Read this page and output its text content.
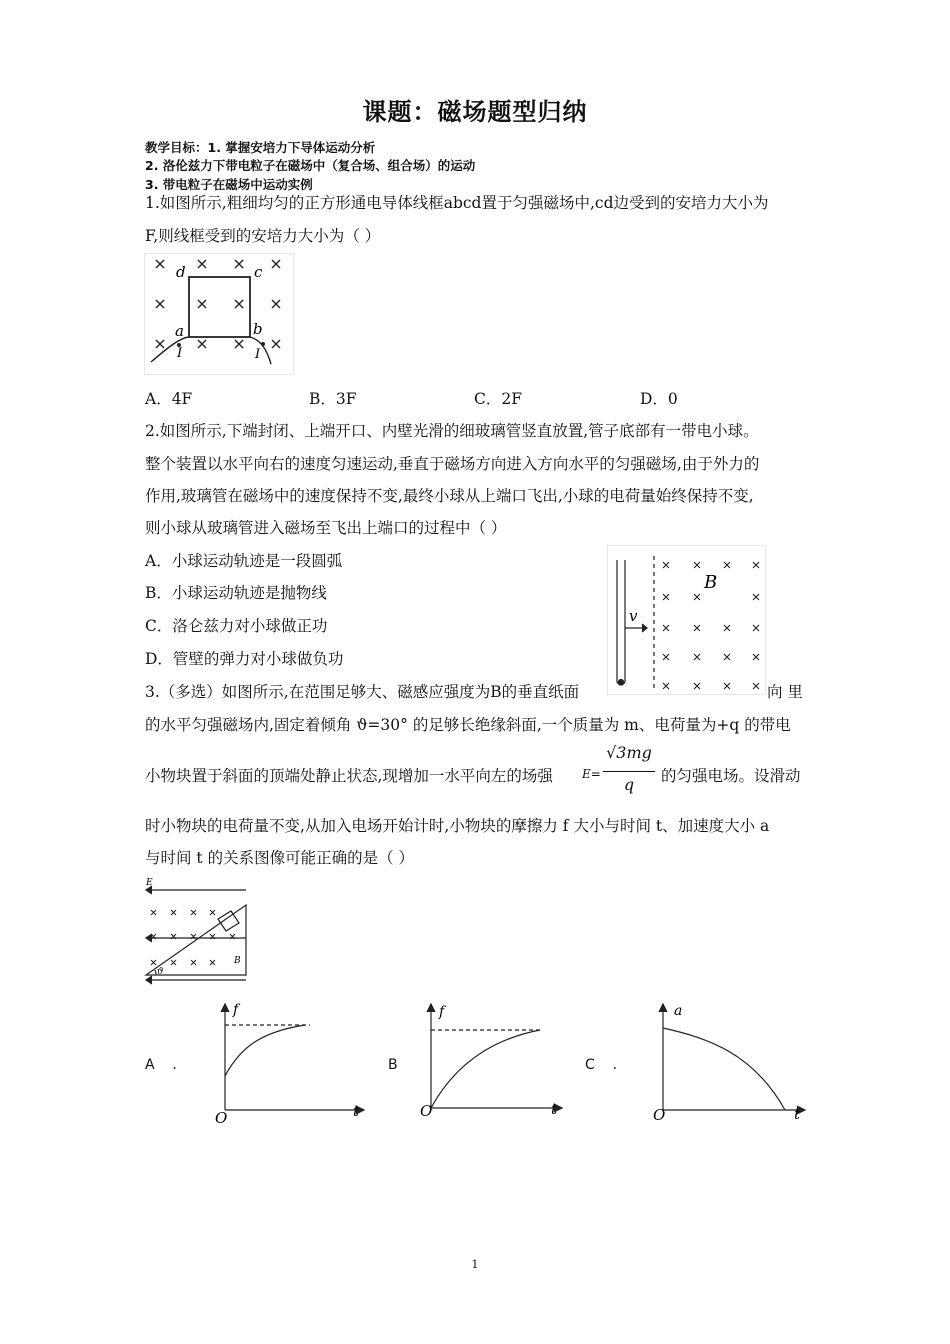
课题：磁场题型归纳
教学目标：1. 掌握安培力下导体运动分析
2. 洛伦兹力下带电粒子在磁场中（复合场、组合场）的运动
3. 带电粒子在磁场中运动实例
1.如图所示,粗细均匀的正方形通电导体线框abcd置于匀强磁场中,cd边受到的安培力大小为
F,则线框受到的安培力大小为（ ）
d	c
a	b
I	I
A．4F	B．3F	C．2F	D．0
2.如图所示,下端封闭、上端开口、内壁光滑的细玻璃管竖直放置,管子底部有一带电小球。
整个装置以水平向右的速度匀速运动,垂直于磁场方向进入方向水平的匀强磁场,由于外力的
作用,玻璃管在磁场中的速度保持不变,最终小球从上端口飞出,小球的电荷量始终保持不变,
则小球从玻璃管进入磁场至飞出上端口的过程中（ ）
A．小球运动轨迹是一段圆弧
B．小球运动轨迹是抛物线
C．洛仑兹力对小球做正功
D．管壁的弹力对小球做负功
v
B
3.（多选）如图所示,在范围足够大、磁感应强度为B的垂直纸面	向 里
的水平匀强磁场内,固定着倾角 ϑ=30° 的足够长绝缘斜面,一个质量为 m、电荷量为+q 的带电
小物块置于斜面的顶端处静止状态,现增加一水平向左的场强 E=
√3mg
q	的匀强电场。设滑动
时小物块的电荷量不变,从加入电场开始计时,小物块的摩擦力 f 大小与时间 t、加速度大小 a
与时间 t 的关系图像可能正确的是（ ）
E
B
ϑ
A    .
f
O	t
B
f
O	t
C    .
a
O	t
1
